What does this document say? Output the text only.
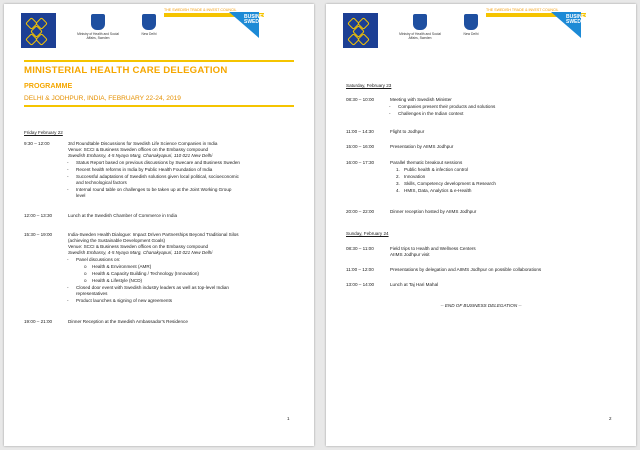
Ministry of Health and Social Affairs, Sweden
New Delhi
THE SWEDISH TRADE & INVEST COUNCIL
BUSINESS SWEDEN
MINISTERIAL HEALTH CARE DELEGATION
PROGRAMME
DELHI & JODHPUR, INDIA, FEBRUARY 22-24, 2019
Friday February 22
9:30 – 12:00	3rd Roundtable Discussions for Swedish Life Science Companies in India
Venue: SCCI & Business Sweden offices on the Embassy compound
Swedish Embassy, 4-5 Nyaya Marg, Chanakyapuri, 110 021 New Delhi
- Status Report based on previous discussions by Swecare and Business Sweden
- Recent health reforms in India by Public Health Foundation of India
- Successful adaptations of Swedish solutions given local political, socioeconomic
and technological factors
- Internal round table on challenges to be taken up at the Joint Working Group
level
12:00 – 13:30	Lunch at the Swedish Chamber of Commerce in India
15:30 – 19:00	India-Sweden Health Dialogue: Impact Driven Partnerships Beyond Traditional Silos
(achieving the Sustainable Development Goals)
Venue: SCCI & Business Sweden offices on the Embassy compound
Swedish Embassy, 4-5 Nyaya Marg, Chanakyapuri, 110 021 New Delhi
- Panel discussions on:
o Health & Environment (AMR)
o Health & Capacity Building / Technology (Innovation)
o Health & Lifestyle (NCD)
- Closed door event with Swedish industry leaders as well as top-level Indian
representatives
- Product launches & signing of new agreements
19:00 – 21:00	Dinner Reception at the Swedish Ambassador's Residence
1
Ministry of Health and Social Affairs, Sweden
New Delhi
THE SWEDISH TRADE & INVEST COUNCIL
BUSINESS SWEDEN
Saturday, February 23
08:30 – 10:00	Meeting with Swedish Minister
- Companies present their products and solutions
- Challenges in the Indian context
11:00 – 14:30	Flight to Jodhpur
15:00 – 16:00	Presentation by AIIMS Jodhpur
16:00 – 17:30	Parallel thematic breakout sessions
1. Public health & infection control
2. Innovation
3. Skills, Competency development & Research
4. HMIS, Data, Analytics & e-Health
20:00 – 22:00	Dinner reception hosted by AIIMS Jodhpur
Sunday, February 24
08:30 – 11:00	Field trips to Health and Wellness Centers
AIIMS Jodhpur visit
11:00 – 12:00	Presentations by delegation and AIIMS Jodhpur on possible collaborations
13:00 – 14:00	Lunch at Taj Hari Mahal
-- END OF BUSINESS DELEGATION --
2
